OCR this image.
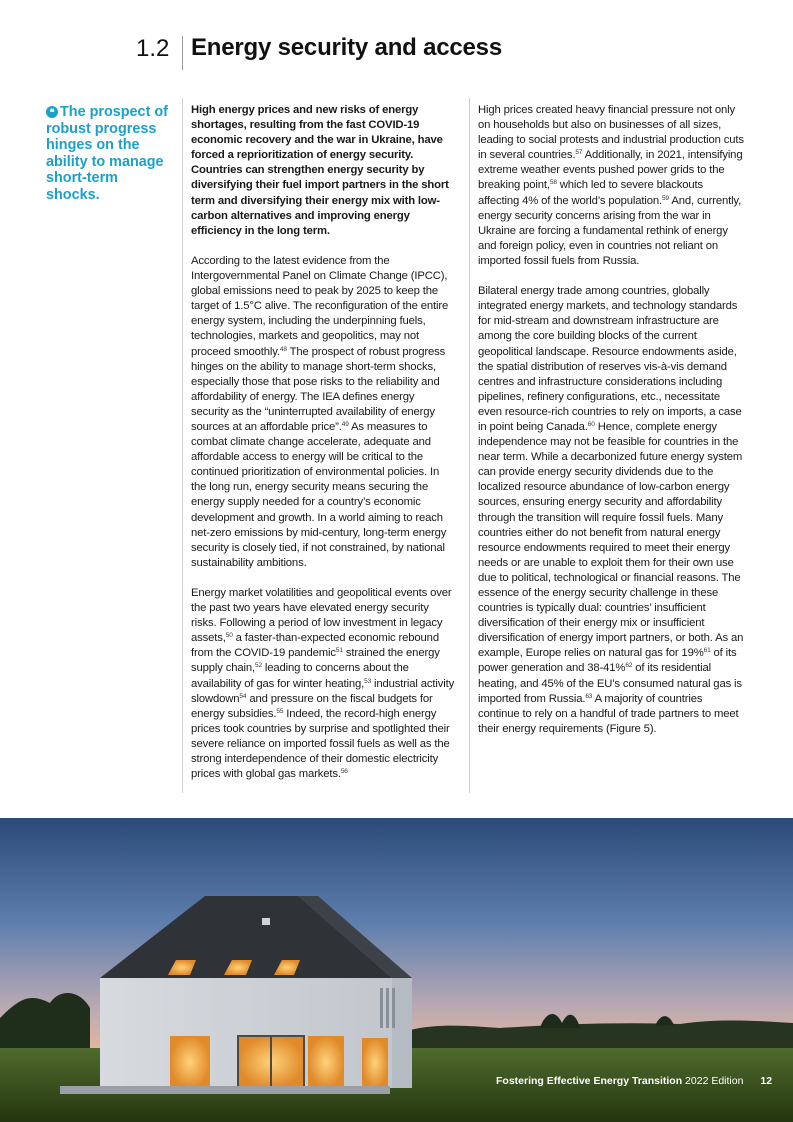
1.2 Energy security and access
❝ The prospect of robust progress hinges on the ability to manage short-term shocks.

High energy prices and new risks of energy shortages, resulting from the fast COVID-19 economic recovery and the war in Ukraine, have forced a reprioritization of energy security. Countries can strengthen energy security by diversifying their fuel import partners in the short term and diversifying their energy mix with low-carbon alternatives and improving energy efficiency in the long term.

According to the latest evidence from the Intergovernmental Panel on Climate Change (IPCC), global emissions need to peak by 2025 to keep the target of 1.5°C alive. The reconfiguration of the entire energy system, including the underpinning fuels, technologies, markets and geopolitics, may not proceed smoothly.$^{48}$ The prospect of robust progress hinges on the ability to manage short-term shocks, especially those that pose risks to the reliability and affordability of energy. The IEA defines energy security as the “uninterrupted availability of energy sources at an affordable price”.$^{49}$ As measures to combat climate change accelerate, adequate and affordable access to energy will be critical to the continued prioritization of environmental policies. In the long run, energy security means securing the energy supply needed for a country’s economic development and growth. In a world aiming to reach net-zero emissions by mid-century, long-term energy security is closely tied, if not constrained, by national sustainability ambitions.

Energy market volatilities and geopolitical events over the past two years have elevated energy security risks. Following a period of low investment in legacy assets,$^{50}$ a faster-than-expected economic rebound from the COVID-19 pandemic$^{51}$ strained the energy supply chain,$^{52}$ leading to concerns about the availability of gas for winter heating,$^{53}$ industrial activity slowdown$^{54}$ and pressure on the fiscal budgets for energy subsidies.$^{55}$ Indeed, the record-high energy prices took countries by surprise and spotlighted their severe reliance on imported fossil fuels as well as the strong interdependence of their domestic electricity prices with global gas markets.$^{56}$

High prices created heavy financial pressure not only on households but also on businesses of all sizes, leading to social protests and industrial production cuts in several countries.$^{57}$ Additionally, in 2021, intensifying extreme weather events pushed power grids to the breaking point,$^{58}$ which led to severe blackouts affecting 4% of the world’s population.$^{59}$ And, currently, energy security concerns arising from the war in Ukraine are forcing a fundamental rethink of energy and foreign policy, even in countries not reliant on imported fossil fuels from Russia.

Bilateral energy trade among countries, globally integrated energy markets, and technology standards for mid-stream and downstream infrastructure are among the core building blocks of the current geopolitical landscape. Resource endowments aside, the spatial distribution of reserves vis-à-vis demand centres and infrastructure considerations including pipelines, refinery configurations, etc., necessitate even resource-rich countries to rely on imports, a case in point being Canada.$^{60}$ Hence, complete energy independence may not be feasible for countries in the near term. While a decarbonized future energy system can provide energy security dividends due to the localized resource abundance of low-carbon energy sources, ensuring energy security and affordability through the transition will require fossil fuels. Many countries either do not benefit from natural energy resource endowments required to meet their energy needs or are unable to exploit them for their own use due to political, technological or financial reasons. The essence of the energy security challenge in these countries is typically dual: countries’ insufficient diversification of their energy mix or insufficient diversification of energy import partners, or both. As an example, Europe relies on natural gas for 19%$^{61}$ of its power generation and 38-41%$^{62}$ of its residential heating, and 45% of the EU’s consumed natural gas is imported from Russia.$^{63}$ A majority of countries continue to rely on a handful of trade partners to meet their energy requirements (Figure 5).

Fostering Effective Energy Transition 2022 Edition 12
